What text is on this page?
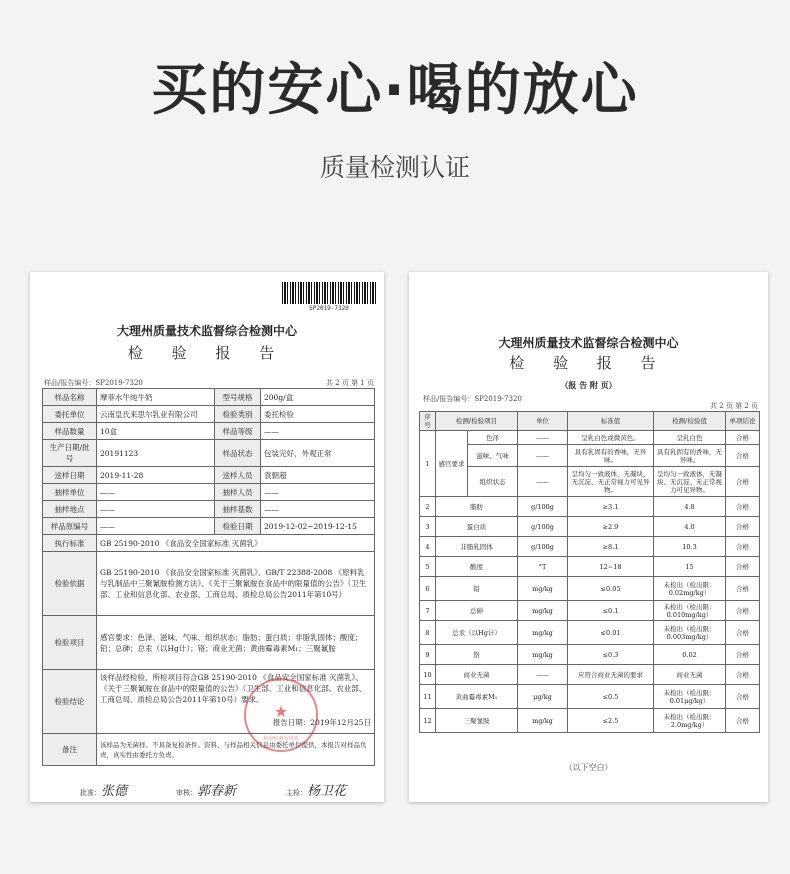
买的安心·喝的放心
质量检测认证
SP2019-7320
大理州质量技术监督综合检测中心
检 验 报 告
样品/报告编号：SP2019-7320	共 2 页 第 1 页
样品名称	摩菲水牛纯牛奶	型号规格	200g/盒
委托单位	云南皇氏来思尔乳业有限公司	检验类别	委托检验
样品数量	10盒	样品等级	——
生产日期/批号	20191123	样品状态	包装完好，外观正常
送样日期	2019-11-28	送样人员	袁朝超
抽样单位	——	抽样人员	——
抽样地点	——	抽样基数	——
样品原编号	——	检验日期	2019-12-02~2019-12-15
执行标准	GB 25190-2010 《食品安全国家标准 灭菌乳》		
检验依据	GB 25190-2010 《食品安全国家标准 灭菌乳》、GB/T 22388-2008 《原料乳与乳制品中三聚氰胺检测方法》、《关于三聚氰胺在食品中的限量值的公告》（卫生部、工业和信息化部、农业部、工商总局、质检总局公告2011年第10号）		
检验项目	感官要求：色泽、滋味、气味、组织状态；脂肪；蛋白质；非脂乳固体；酸度；铅；总砷；总汞（以Hg计）；铬；商业无菌；黄曲霉毒素M₁；三聚氰胺		
检验结论	该样品经检验，所检项目符合GB 25190-2010 《食品安全国家标准 灭菌乳》、《关于三聚氰胺在食品中的限量值的公告》（卫生部、工业和信息化部、农业部、工商总局、质检总局公告2011年第10号）要求。
报告日期：2019年12月25日		

备注	该样品为无菌样。不具备复检条件。资料、与样品相关信息由委托单位提供，本报告对样品负责，真实性由委托方负责。		
★
检验检测专用章
批准：张德	审核：郭春新	主检：杨卫花
大理州质量技术监督综合检测中心
检 验 报 告
（报 告 附 页）
样品/报告编号：SP2019-7320
共 2 页 第 2 页
序号	检测/检验项目		单位	标准值	检测/检验值	单项结论
1	感官要求	色泽	——	呈乳白色或微黄色。	呈乳白色	合格
		滋味、气味	——	具有乳固有的香味，无异味。	具有乳固有的香味，无异味。	合格
		组织状态	——	呈均匀一致液体，无凝块、无沉淀、无正常视力可见异物。	呈均匀一致液体，无凝块、无沉淀、无正常视力可见异物。	合格
2	脂肪		g/100g	≥3.1	4.8	合格
3	蛋白质		g/100g	≥2.9	4.0	合格
4	非脂乳固体		g/100g	≥8.1	10.3	合格
5	酸度		°T	12~18	15	合格
6	铅		mg/kg	≤0.05	未检出（检出限：0.02mg/kg）	合格
7	总砷		mg/kg	≤0.1	未检出（检出限：0.010mg/kg）	合格
8	总汞（以Hg计）		mg/kg	≤0.01	未检出（检出限：0.003mg/kg）	合格
9	铬		mg/kg	≤0.3	0.02	合格
10	商业无菌		——	应符合商业无菌的要求	商业无菌	合格
11	黄曲霉毒素M₁		μg/kg	≤0.5	未检出（检出限：0.01μg/kg）	合格
12	三聚氰胺		mg/kg	≤2.5	未检出（检出限：2.0mg/kg）	合格
（以下空白）
